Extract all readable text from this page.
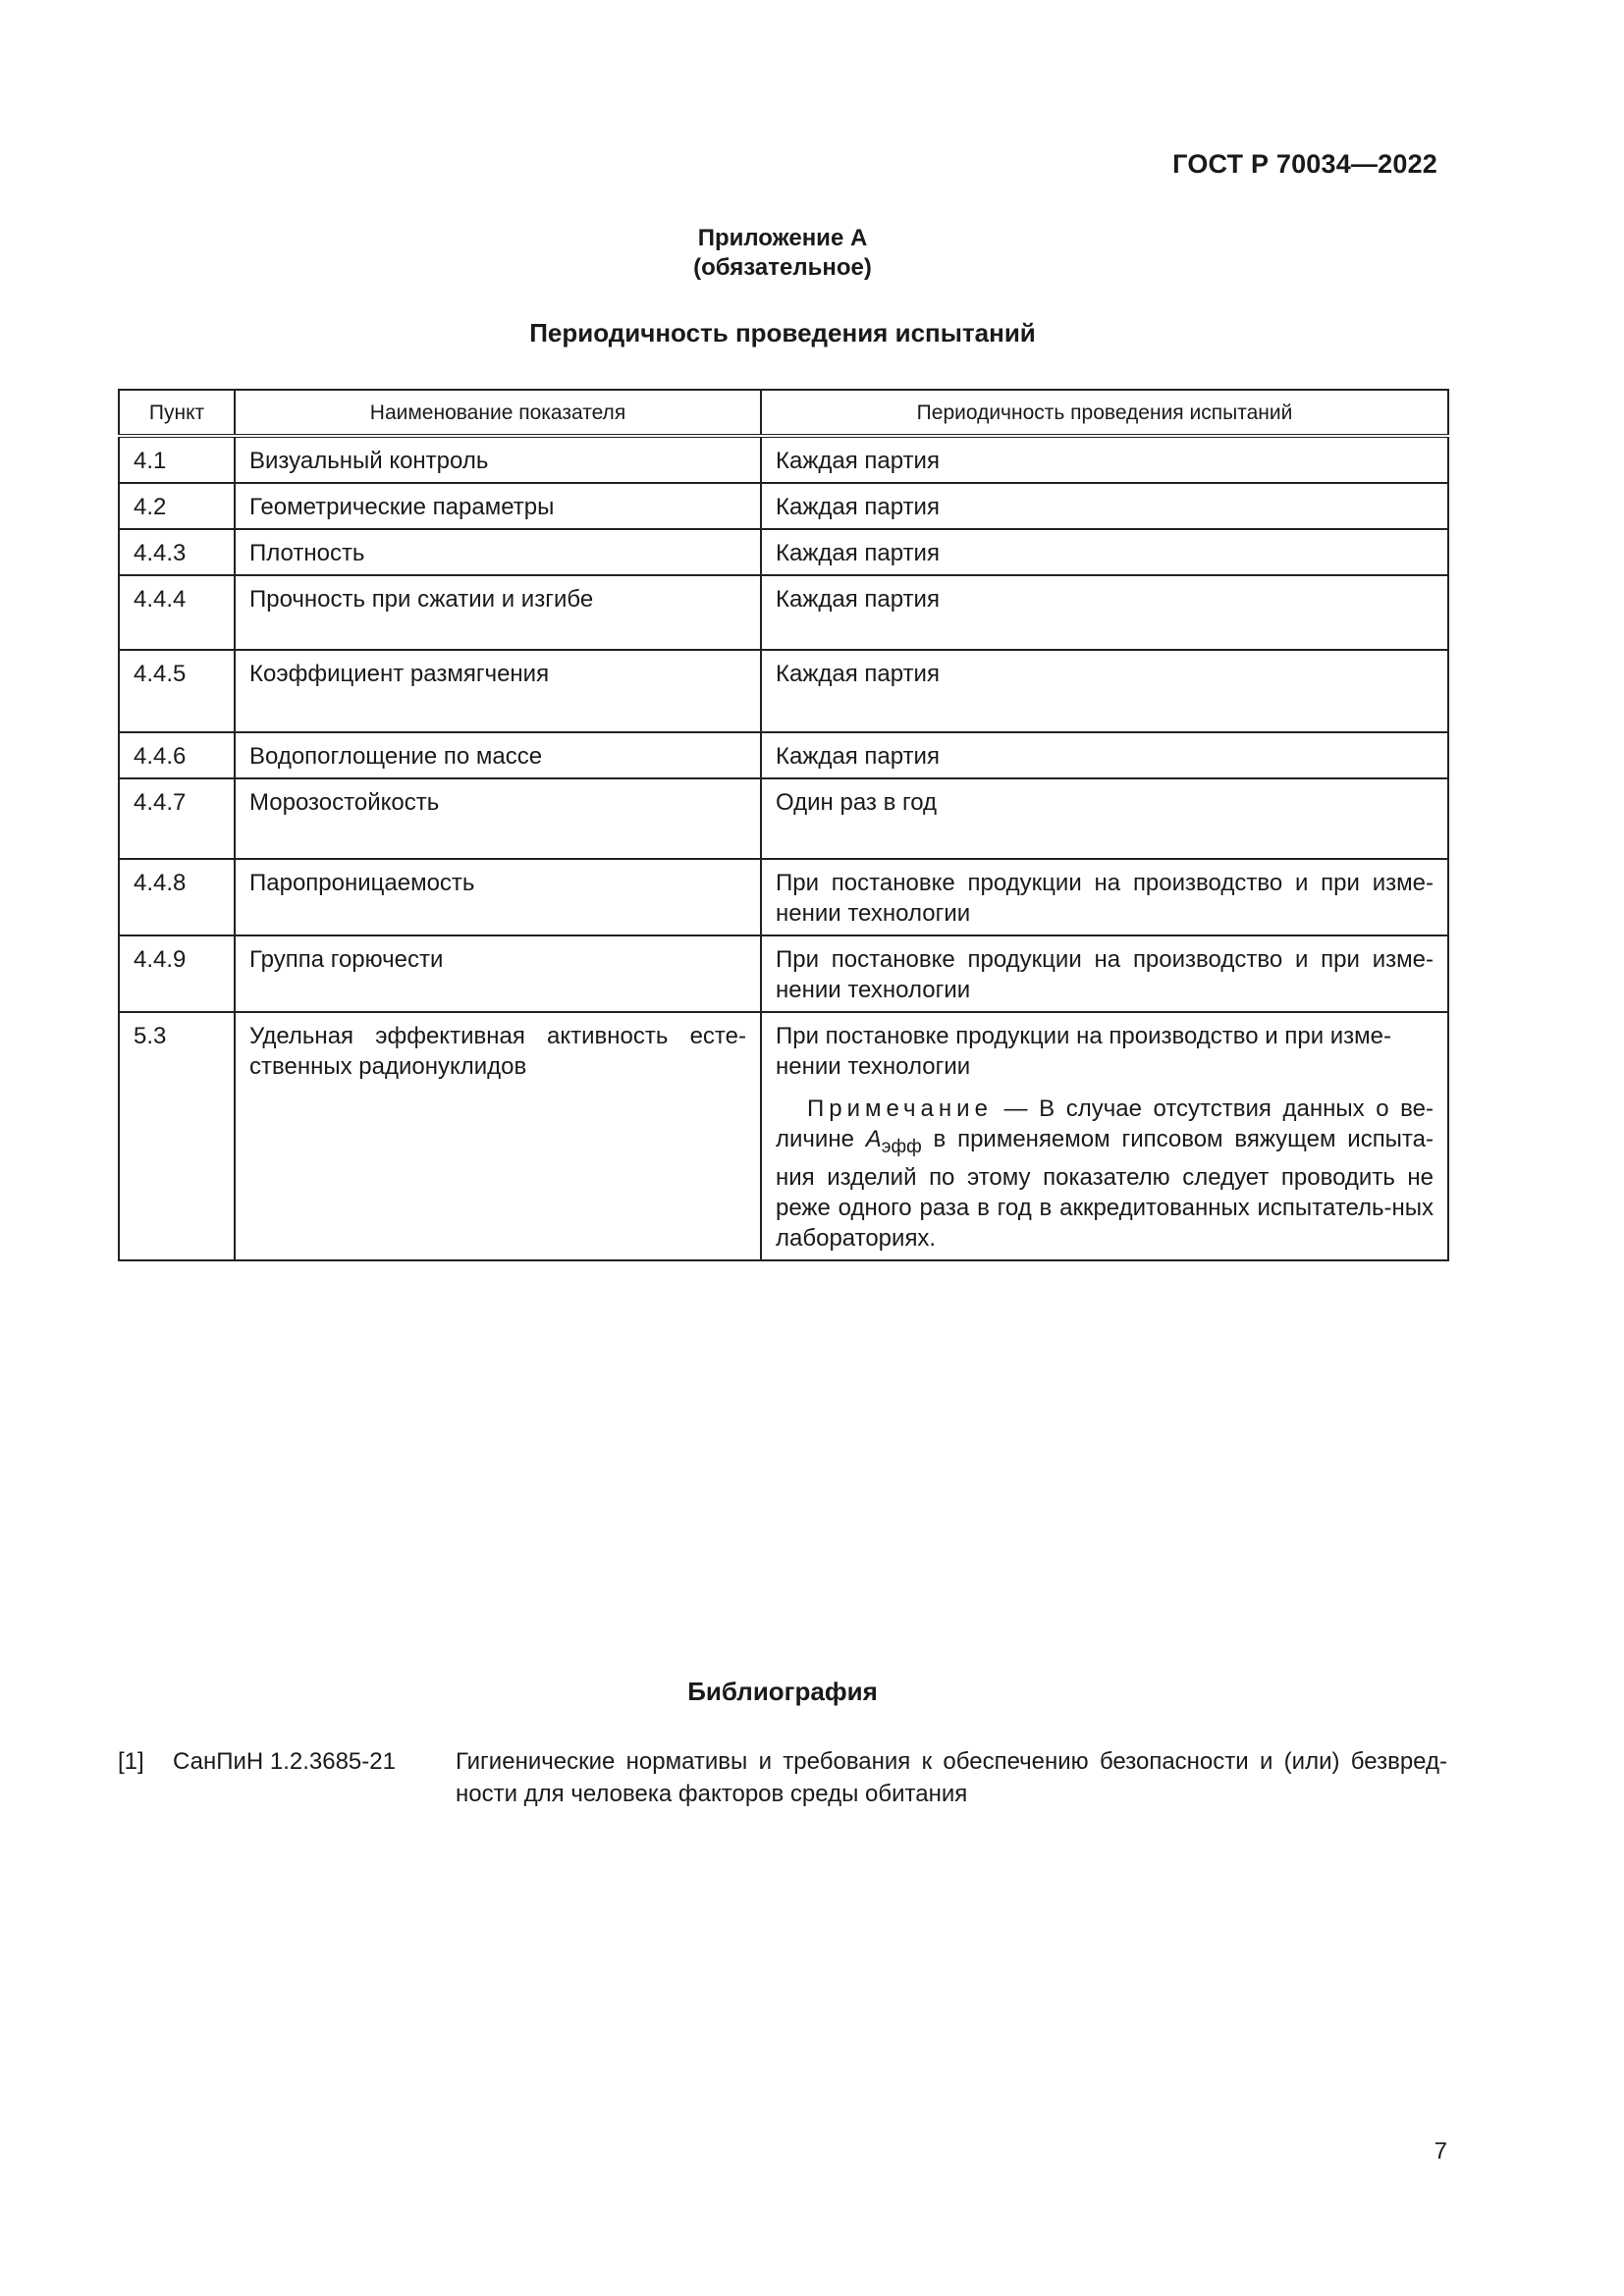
ГОСТ Р 70034—2022
Приложение А
(обязательное)
Периодичность проведения испытаний
Пункт	Наименование показателя	Периодичность проведения испытаний
4.1	Визуальный контроль	Каждая партия
4.2	Геометрические параметры	Каждая партия
4.4.3	Плотность	Каждая партия
4.4.4	Прочность при сжатии и изгибе	Каждая партия
4.4.5	Коэффициент размягчения	Каждая партия
4.4.6	Водопоглощение по массе	Каждая партия
4.4.7	Морозостойкость	Один раз в год
4.4.8	Паропроницаемость	При постановке продукции на производство и при изме-нении технологии
4.4.9	Группа горючести	При постановке продукции на производство и при изме-нении технологии
5.3	Удельная эффективная активность есте-ственных радионуклидов	При постановке продукции на производство и при изме-нении технологии
Примечание — В случае отсутствия данных о ве-личине $А_{эфф}$ в применяемом гипсовом вяжущем испыта-ния изделий по этому показателю следует проводить не реже одного раза в год в аккредитованных испытатель-ных лабораториях.
Библиография
[1] СанПиН 1.2.3685-21	Гигиенические нормативы и требования к обеспечению безопасности и (или) безвред-ности для человека факторов среды обитания
7
